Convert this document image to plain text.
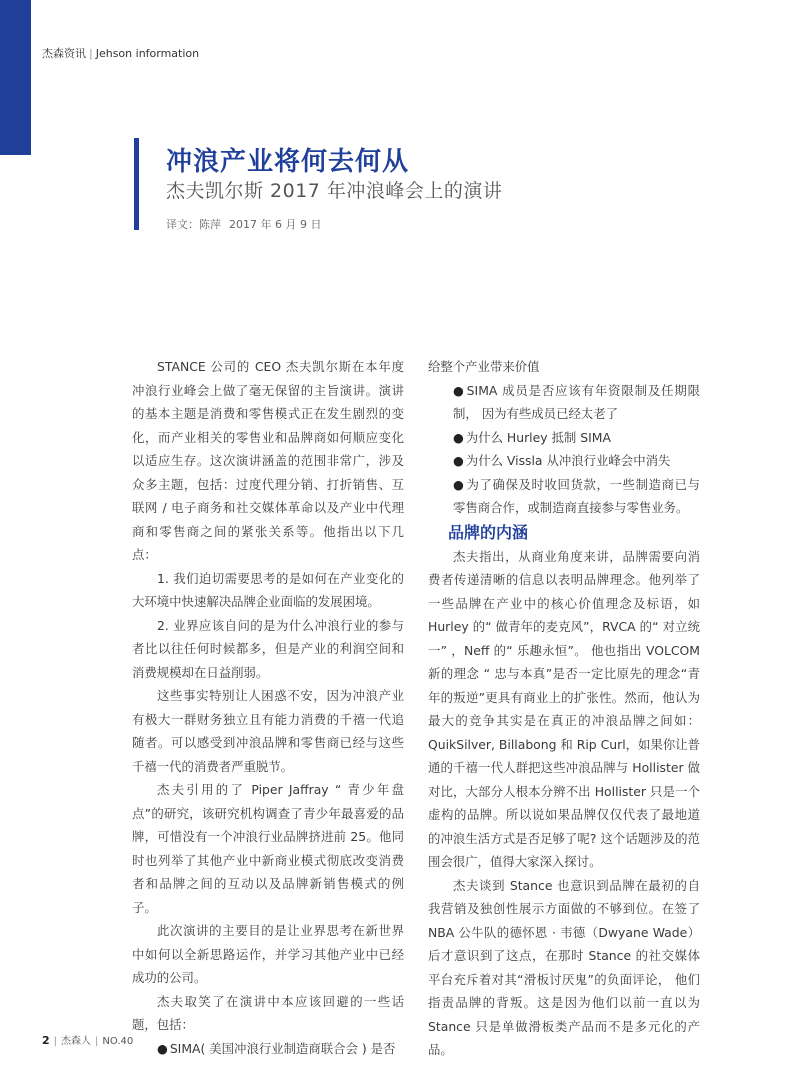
杰森资讯 | Jehson information
冲浪产业将何去何从
杰夫凯尔斯 2017 年冲浪峰会上的演讲
译文：陈萍 2017 年 6 月 9 日

STANCE 公司的 CEO 杰夫凯尔斯在本年度冲浪行业峰会上做了毫无保留的主旨演讲。演讲的基本主题是消费和零售模式正在发生剧烈的变化，而产业相关的零售业和品牌商如何顺应变化以适应生存。这次演讲涵盖的范围非常广，涉及众多主题，包括：过度代理分销、打折销售、互联网 / 电子商务和社交媒体革命以及产业中代理商和零售商之间的紧张关系等。他指出以下几点：

1. 我们迫切需要思考的是如何在产业变化的大环境中快速解决品牌企业面临的发展困境。

2. 业界应该自问的是为什么冲浪行业的参与者比以往任何时候都多，但是产业的利润空间和消费规模却在日益削弱。

这些事实特别让人困惑不安，因为冲浪产业有极大一群财务独立且有能力消费的千禧一代追随者。可以感受到冲浪品牌和零售商已经与这些千禧一代的消费者严重脱节。

杰夫引用的了 Piper Jaffray “ 青少年盘点”的研究，该研究机构调查了青少年最喜爱的品牌，可惜没有一个冲浪行业品牌挤进前 25。他同时也列举了其他产业中新商业模式彻底改变消费者和品牌之间的互动以及品牌新销售模式的例子。

此次演讲的主要目的是让业界思考在新世界中如何以全新思路运作，并学习其他产业中已经成功的公司。

杰夫取笑了在演讲中本应该回避的一些话题，包括：

● SIMA( 美国冲浪行业制造商联合会 ) 是否

给整个产业带来价值

● SIMA 成员是否应该有年资限制及任期限制， 因为有些成员已经太老了

● 为什么 Hurley 抵制 SIMA

● 为什么 Vissla 从冲浪行业峰会中消失

● 为了确保及时收回货款，一些制造商已与零售商合作，或制造商直接参与零售业务。

品牌的内涵

杰夫指出，从商业角度来讲，品牌需要向消费者传递清晰的信息以表明品牌理念。他列举了一些品牌在产业中的核心价值理念及标语，如 Hurley 的“ 做青年的麦克风”，RVCA 的“ 对立统一” ，Neff 的“ 乐趣永恒”。 他也指出 VOLCOM 新的理念 “ 忠与本真”是否一定比原先的理念“青年的叛逆”更具有商业上的扩张性。然而，他认为最大的竞争其实是在真正的冲浪品牌之间如：QuikSilver, Billabong 和 Rip Curl，如果你让普通的千禧一代人群把这些冲浪品牌与 Hollister 做对比，大部分人根本分辨不出 Hollister 只是一个虚构的品牌。所以说如果品牌仅仅代表了最地道的冲浪生活方式是否足够了呢? 这个话题涉及的范围会很广，值得大家深入探讨。

杰夫谈到 Stance 也意识到品牌在最初的自我营销及独创性展示方面做的不够到位。在签了 NBA 公牛队的德怀恩 · 韦德（Dwyane Wade）后才意识到了这点，在那时 Stance 的社交媒体平台充斥着对其“滑板讨厌鬼”的负面评论， 他们指责品牌的背叛。这是因为他们以前一直以为 Stance 只是单做滑板类产品而不是多元化的产品。

2 | 杰森人 | NO.40
